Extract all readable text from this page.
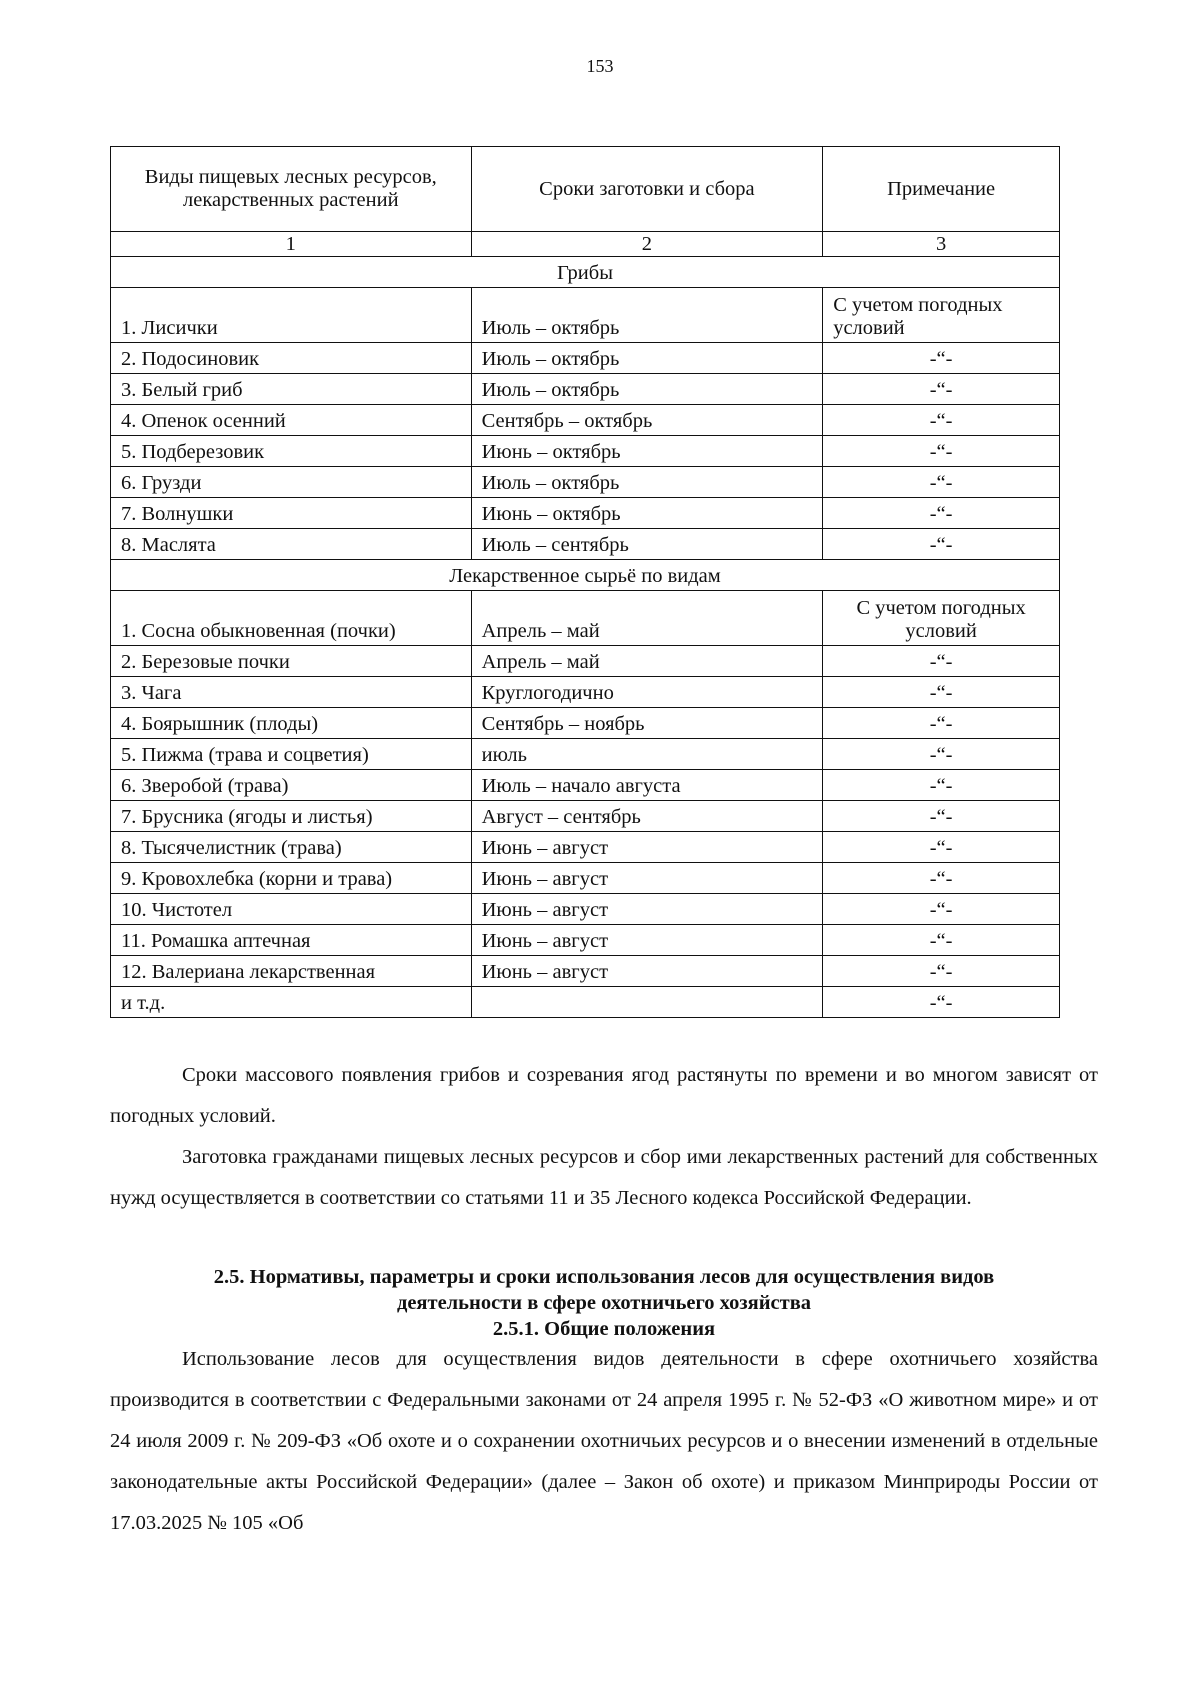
153
Виды пищевых лесных ресурсов, лекарственных растений	Сроки заготовки и сбора	Примечание
1	2	3
Грибы		
1. Лисички	Июль – октябрь	С учетом погодных условий
2. Подосиновик	Июль – октябрь	-“-
3. Белый гриб	Июль – октябрь	-“-
4. Опенок осенний	Сентябрь – октябрь	-“-
5. Подберезовик	Июнь – октябрь	-“-
6. Грузди	Июль – октябрь	-“-
7. Волнушки	Июнь – октябрь	-“-
8. Маслята	Июль – сентябрь	-“-
Лекарственное сырьё по видам		
1. Сосна обыкновенная (почки)	Апрель – май	С учетом погодных условий
2. Березовые почки	Апрель – май	-“-
3. Чага	Круглогодично	-“-
4. Боярышник (плоды)	Сентябрь – ноябрь	-“-
5. Пижма (трава и соцветия)	июль	-“-
6. Зверобой (трава)	Июль – начало августа	-“-
7. Брусника (ягоды и листья)	Август – сентябрь	-“-
8. Тысячелистник (трава)	Июнь – август	-“-
9. Кровохлебка (корни и трава)	Июнь – август	-“-
10. Чистотел	Июнь – август	-“-
11. Ромашка аптечная	Июнь – август	-“-
12. Валериана лекарственная	Июнь – август	-“-
и т.д.		-“-

Сроки массового появления грибов и созревания ягод растянуты по времени и во многом зависят от погодных условий.

Заготовка гражданами пищевых лесных ресурсов и сбор ими лекарственных растений для собственных нужд осуществляется в соответствии со статьями 11 и 35 Лесного кодекса Российской Федерации.

2.5. Нормативы, параметры и сроки использования лесов для осуществления видов
деятельности в сфере охотничьего хозяйства
2.5.1. Общие положения

Использование лесов для осуществления видов деятельности в сфере охотничьего хозяйства производится в соответствии с Федеральными законами от 24 апреля 1995 г. № 52-ФЗ «О животном мире» и от 24 июля 2009 г. № 209-ФЗ «Об охоте и о сохранении охотничьих ресурсов и о внесении изменений в отдельные законодательные акты Российской Федерации» (далее – Закон об охоте) и приказом Минприроды России от 17.03.2025 № 105 «Об
